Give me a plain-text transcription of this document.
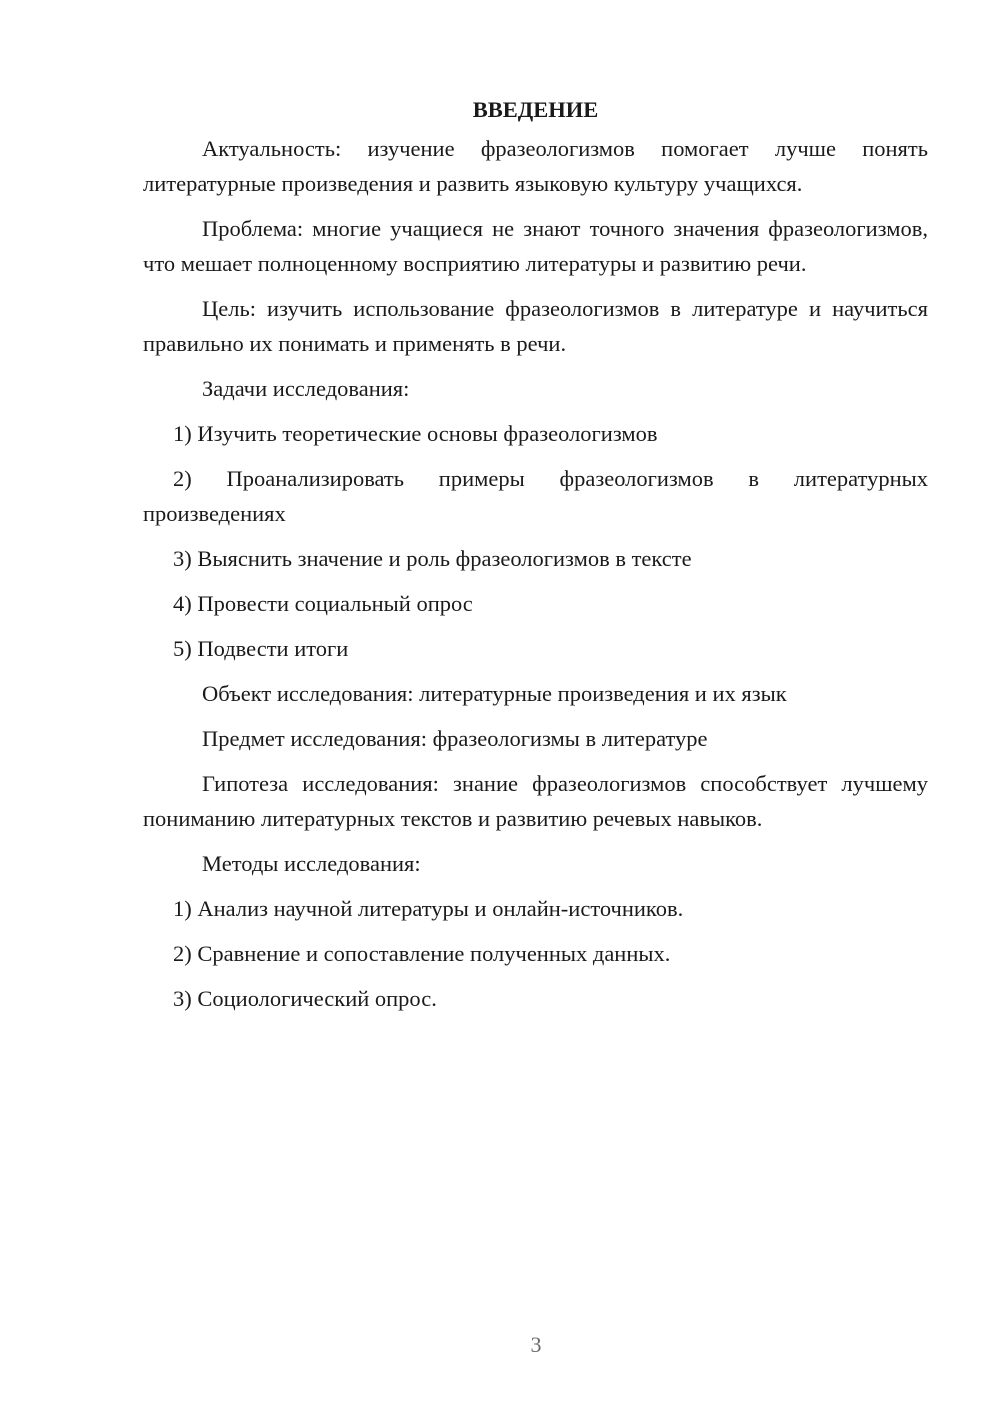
ВВЕДЕНИЕ

Актуальность: изучение фразеологизмов помогает лучше понять литературные произведения и развить языковую культуру учащихся.

Проблема: многие учащиеся не знают точного значения фразеологизмов, что мешает полноценному восприятию литературы и развитию речи.

Цель: изучить использование фразеологизмов в литературе и научиться правильно их понимать и применять в речи.

Задачи исследования:

1) Изучить теоретические основы фразеологизмов

2) Проанализировать примеры фразеологизмов в литературных произведениях

3) Выяснить значение и роль фразеологизмов в тексте

4) Провести социальный опрос

5) Подвести итоги

Объект исследования: литературные произведения и их язык

Предмет исследования: фразеологизмы в литературе

Гипотеза исследования: знание фразеологизмов способствует лучшему пониманию литературных текстов и развитию речевых навыков.

Методы исследования:

1) Анализ научной литературы и онлайн-источников.

2) Сравнение и сопоставление полученных данных.

3) Социологический опрос.

3
